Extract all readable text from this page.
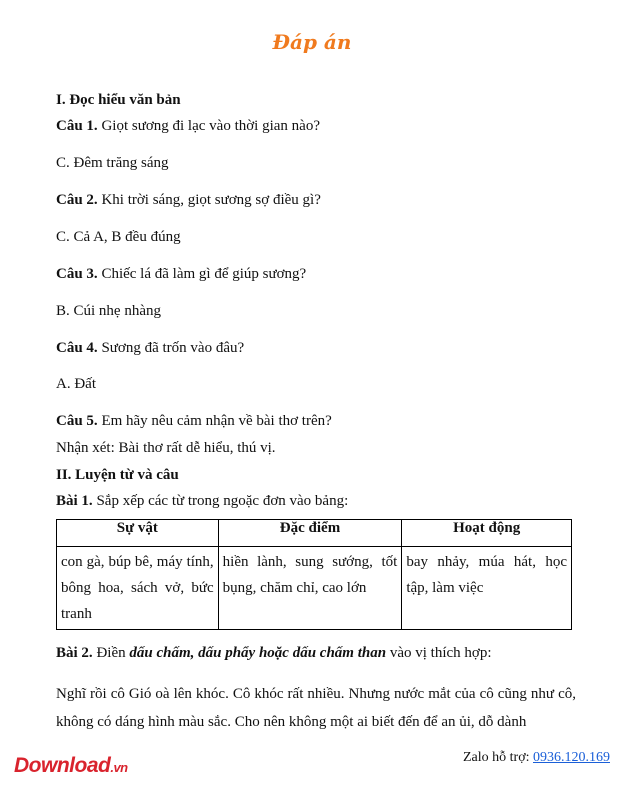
Đáp án
I. Đọc hiểu văn bản
Câu 1. Giọt sương đi lạc vào thời gian nào?
C. Đêm trăng sáng
Câu 2. Khi trời sáng, giọt sương sợ điều gì?
C. Cả A, B đều đúng
Câu 3. Chiếc lá đã làm gì để giúp sương?
B. Cúi nhẹ nhàng
Câu 4. Sương đã trốn vào đâu?
A. Đất
Câu 5. Em hãy nêu cảm nhận về bài thơ trên?
Nhận xét: Bài thơ rất dễ hiểu, thú vị.
II. Luyện từ và câu
Bài 1. Sắp xếp các từ trong ngoặc đơn vào bảng:
Sự vật	Đặc điểm	Hoạt động
con gà, búp bê, máy tính, bông hoa, sách vở, bức tranh	hiền lành, sung sướng, tốt bụng, chăm chỉ, cao lớn	bay nhảy, múa hát, học tập, làm việc
Bài 2. Điền dấu chấm, dấu phẩy hoặc dấu chấm than vào vị thích hợp:
Nghĩ rồi cô Gió oà lên khóc. Cô khóc rất nhiều. Nhưng nước mắt của cô cũng như cô, không có dáng hình màu sắc. Cho nên không một ai biết đến để an ủi, dỗ dành
Download.vn
Zalo hỗ trợ: 0936.120.169
